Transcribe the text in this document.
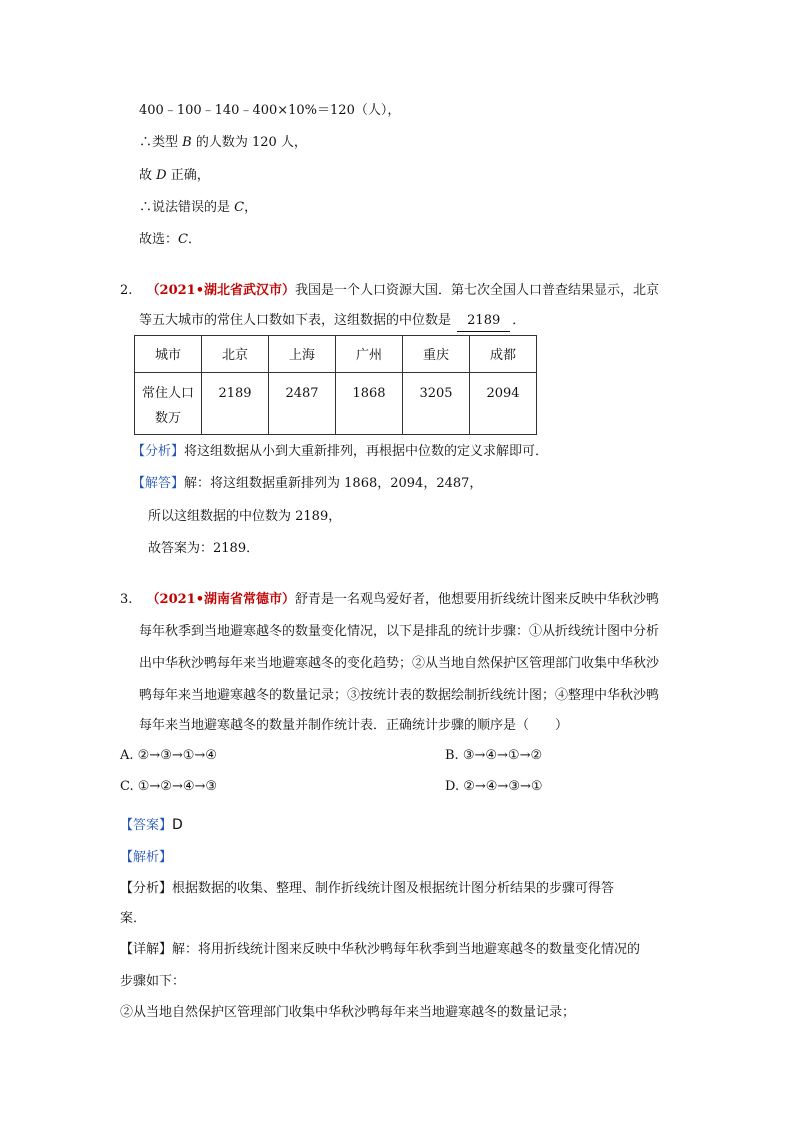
400﹣100﹣140﹣400×10%＝120（人），
∴类型 B 的人数为 120 人，
故 D 正确，
∴说法错误的是 C，
故选：C．
2. （2021•湖北省武汉市）我国是一个人口资源大国．第七次全国人口普查结果显示，北京
等五大城市的常住人口数如下表，这组数据的中位数是 2189 ．
城市	北京	上海	广州	重庆	成都
常住人口
数万	2189	2487	1868	3205	2094
【分析】将这组数据从小到大重新排列，再根据中位数的定义求解即可．
【解答】解：将这组数据重新排列为 1868，2094，2487，
所以这组数据的中位数为 2189，
故答案为：2189．
3. （2021•湖南省常德市）舒青是一名观鸟爱好者，他想要用折线统计图来反映中华秋沙鸭
每年秋季到当地避寒越冬的数量变化情况，以下是排乱的统计步骤：①从折线统计图中分析
出中华秋沙鸭每年来当地避寒越冬的变化趋势；②从当地自然保护区管理部门收集中华秋沙
鸭每年来当地避寒越冬的数量记录；③按统计表的数据绘制折线统计图；④整理中华秋沙鸭
每年来当地避寒越冬的数量并制作统计表．正确统计步骤的顺序是（　　）
A. ②→③→①→④	B. ③→④→①→②
C. ①→②→④→③	D. ②→④→③→①
【答案】D
【解析】
【分析】根据数据的收集、整理、制作折线统计图及根据统计图分析结果的步骤可得答
案．
【详解】解：将用折线统计图来反映中华秋沙鸭每年秋季到当地避寒越冬的数量变化情况的
步骤如下：
②从当地自然保护区管理部门收集中华秋沙鸭每年来当地避寒越冬的数量记录；
